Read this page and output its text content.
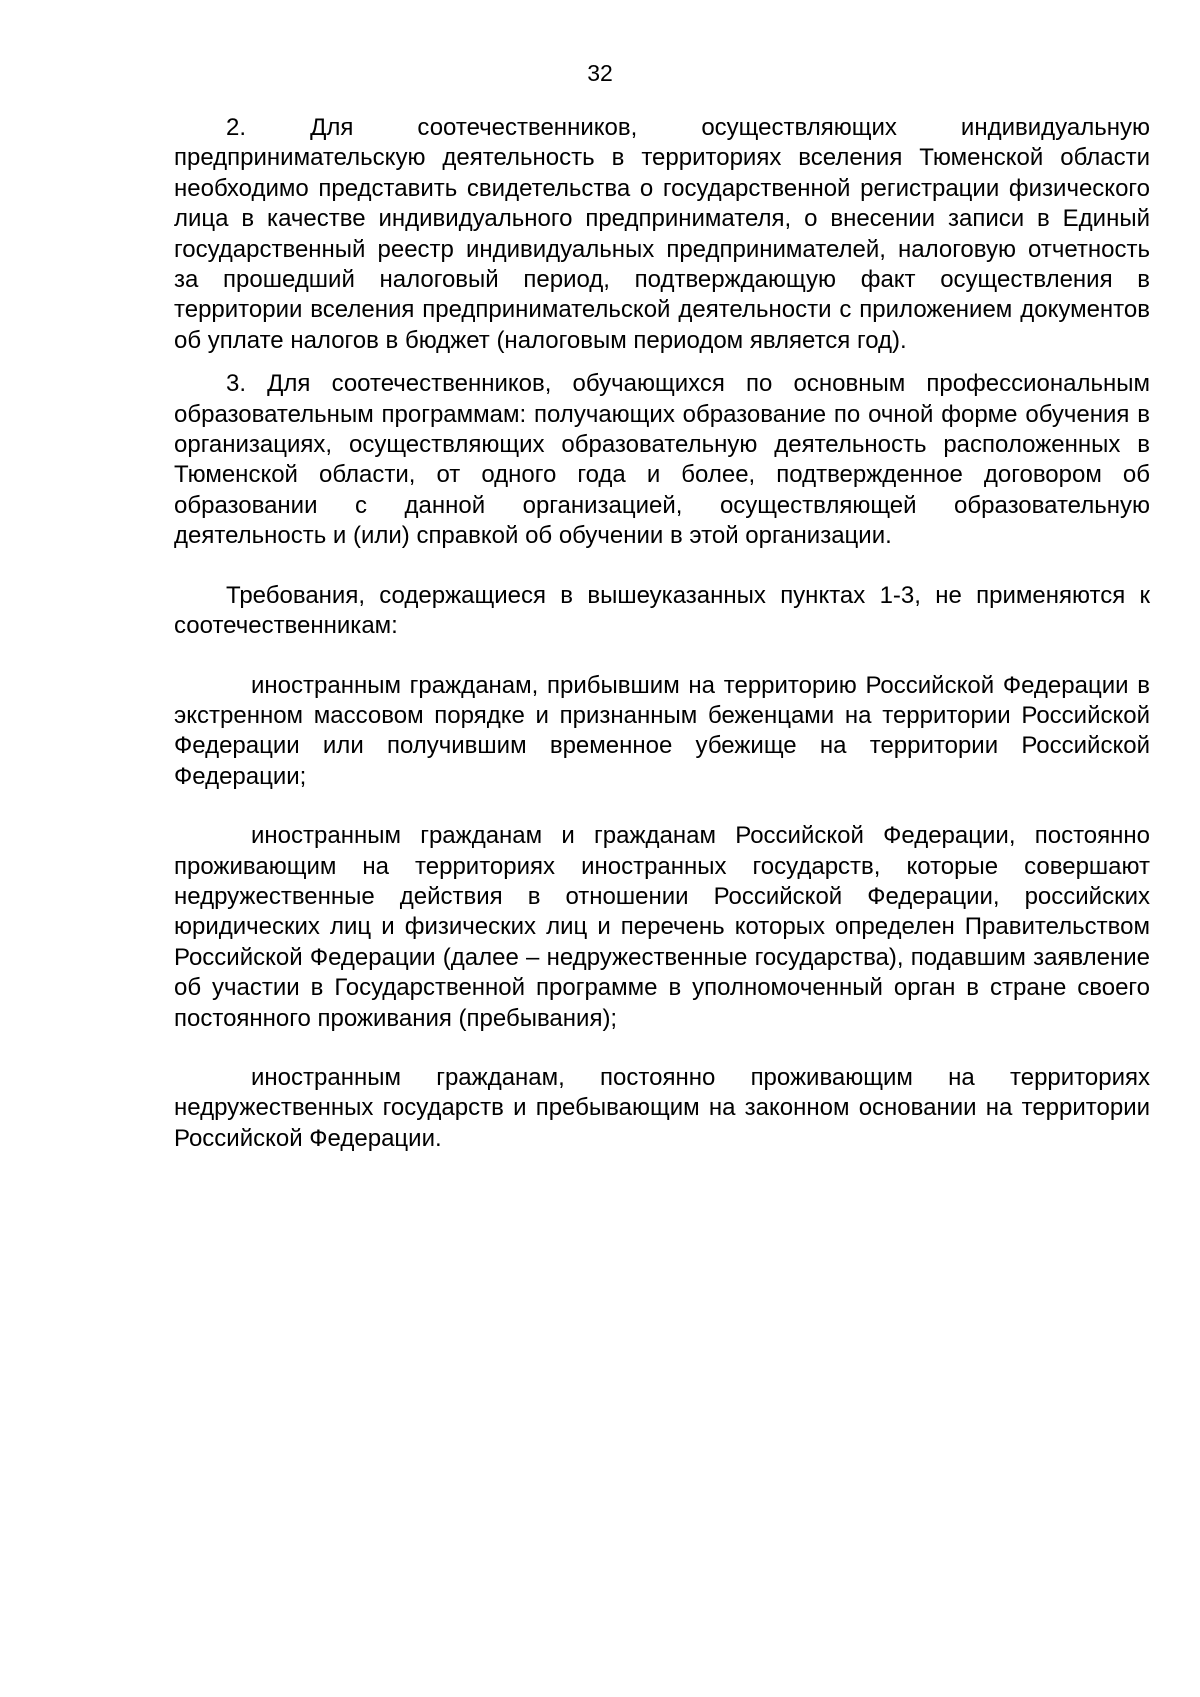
32

2. Для соотечественников, осуществляющих индивидуальную предпринимательскую деятельность в территориях вселения Тюменской области необходимо представить свидетельства о государственной регистрации физического лица в качестве индивидуального предпринимателя, о внесении записи в Единый государственный реестр индивидуальных предпринимателей, налоговую отчетность за прошедший налоговый период, подтверждающую факт осуществления в территории вселения предпринимательской деятельности с приложением документов об уплате налогов в бюджет (налоговым периодом является год).

3. Для соотечественников, обучающихся по основным профессиональным образовательным программам: получающих образование по очной форме обучения в организациях, осуществляющих образовательную деятельность расположенных в Тюменской области, от одного года и более, подтвержденное договором об образовании с данной организацией, осуществляющей образовательную деятельность и (или) справкой об обучении в этой организации.

Требования, содержащиеся в вышеуказанных пунктах 1-3, не применяются к соотечественникам:

иностранным гражданам, прибывшим на территорию Российской Федерации в экстренном массовом порядке и признанным беженцами на территории Российской Федерации или получившим временное убежище на территории Российской Федерации;

иностранным гражданам и гражданам Российской Федерации, постоянно проживающим на территориях иностранных государств, которые совершают недружественные действия в отношении Российской Федерации, российских юридических лиц и физических лиц и перечень которых определен Правительством Российской Федерации (далее – недружественные государства), подавшим заявление об участии в Государственной программе в уполномоченный орган в стране своего постоянного проживания (пребывания);

иностранным гражданам, постоянно проживающим на территориях недружественных государств и пребывающим на законном основании на территории Российской Федерации.
